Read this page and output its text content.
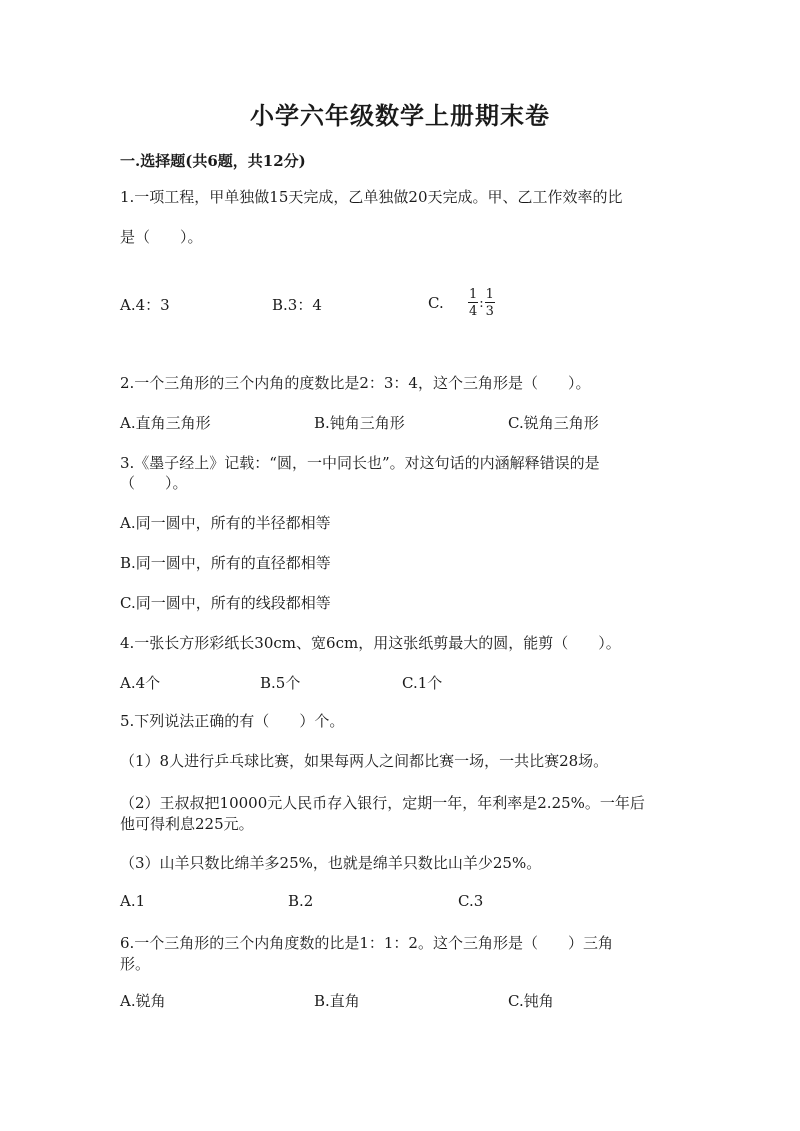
小学六年级数学上册期末卷
一.选择题(共6题，共12分)
1.一项工程，甲单独做15天完成，乙单独做20天完成。甲、乙工作效率的比
是（　　）。
A.4：3	B.3：4	C. $\frac{1}{4}$ : $\frac{1}{3}$
2.一个三角形的三个内角的度数比是2：3：4，这个三角形是（　　）。
A.直角三角形	B.钝角三角形	C.锐角三角形
3.《墨子经上》记载：“圆，一中同长也”。对这句话的内涵解释错误的是
（　　）。
A.同一圆中，所有的半径都相等
B.同一圆中，所有的直径都相等
C.同一圆中，所有的线段都相等
4.一张长方形彩纸长30cm、宽6cm，用这张纸剪最大的圆，能剪（　　）。
A.4个	B.5个	C.1个
5.下列说法正确的有（　　）个。
（1）8人进行乒乓球比赛，如果每两人之间都比赛一场，一共比赛28场。
（2）王叔叔把10000元人民币存入银行，定期一年，年利率是2.25%。一年后
他可得利息225元。
（3）山羊只数比绵羊多25%，也就是绵羊只数比山羊少25%。
A.1	B.2	C.3
6.一个三角形的三个内角度数的比是1：1：2。这个三角形是（　　）三角
形。
A.锐角	B.直角	C.钝角
